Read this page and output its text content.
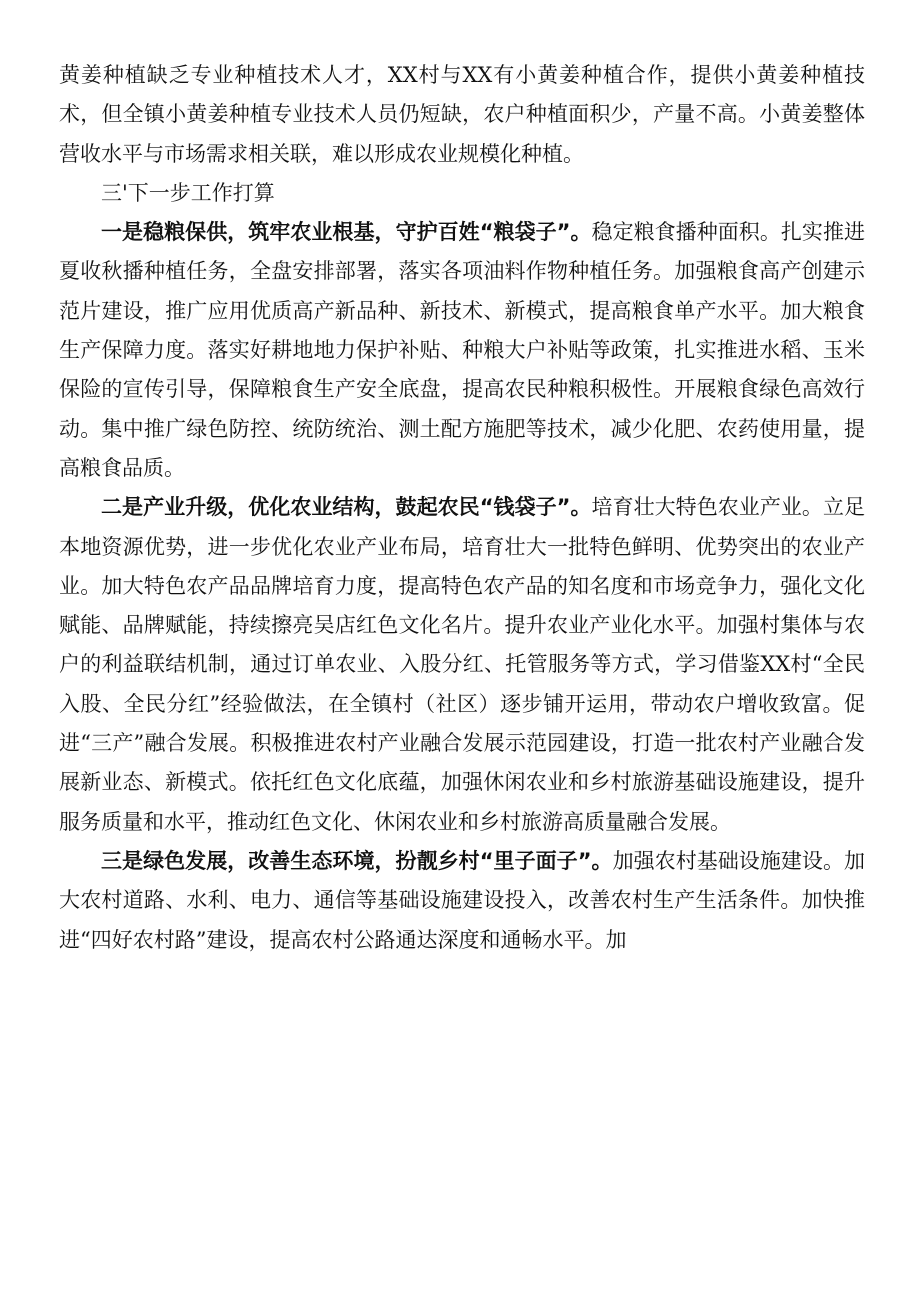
黄姜种植缺乏专业种植技术人才，XX村与XX有小黄姜种植合作，提供小黄姜种植技术，但全镇小黄姜种植专业技术人员仍短缺，农户种植面积少，产量不高。小黄姜整体营收水平与市场需求相关联，难以形成农业规模化种植。

三'下一步工作打算

一是稳粮保供，筑牢农业根基，守护百姓“粮袋子”。稳定粮食播种面积。扎实推进夏收秋播种植任务，全盘安排部署，落实各项油料作物种植任务。加强粮食高产创建示范片建设，推广应用优质高产新品种、新技术、新模式，提高粮食单产水平。加大粮食生产保障力度。落实好耕地地力保护补贴、种粮大户补贴等政策，扎实推进水稻、玉米保险的宣传引导，保障粮食生产安全底盘，提高农民种粮积极性。开展粮食绿色高效行动。集中推广绿色防控、统防统治、测土配方施肥等技术，减少化肥、农药使用量，提高粮食品质。

二是产业升级，优化农业结构，鼓起农民“钱袋子”。培育壮大特色农业产业。立足本地资源优势，进一步优化农业产业布局，培育壮大一批特色鲜明、优势突出的农业产业。加大特色农产品品牌培育力度，提高特色农产品的知名度和市场竞争力，强化文化赋能、品牌赋能，持续擦亮吴店红色文化名片。提升农业产业化水平。加强村集体与农户的利益联结机制，通过订单农业、入股分红、托管服务等方式，学习借鉴XX村“全民入股、全民分红”经验做法，在全镇村（社区）逐步铺开运用，带动农户增收致富。促进“三产”融合发展。积极推进农村产业融合发展示范园建设，打造一批农村产业融合发展新业态、新模式。依托红色文化底蕴，加强休闲农业和乡村旅游基础设施建设，提升服务质量和水平，推动红色文化、休闲农业和乡村旅游高质量融合发展。

三是绿色发展，改善生态环境，扮靓乡村“里子面子”。加强农村基础设施建设。加大农村道路、水利、电力、通信等基础设施建设投入，改善农村生产生活条件。加快推进“四好农村路”建设，提高农村公路通达深度和通畅水平。加
